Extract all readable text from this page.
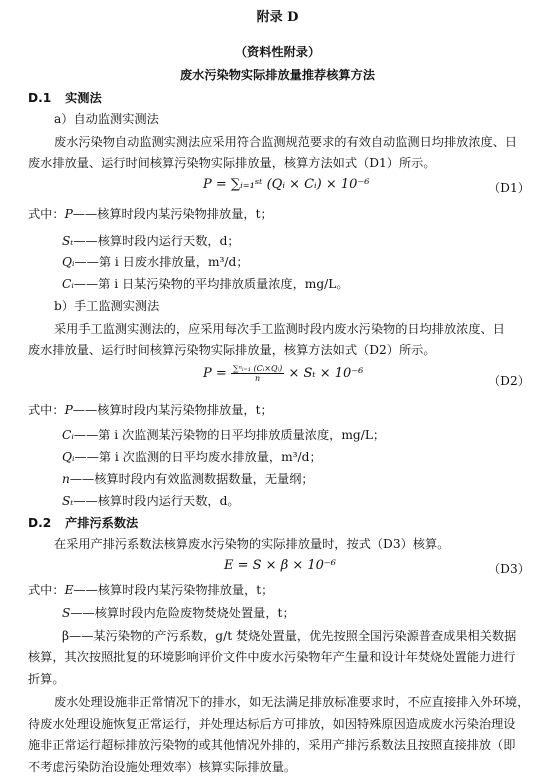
附录 D
（资料性附录）
废水污染物实际排放量推荐核算方法
D.1 实测法
a）自动监测实测法
废水污染物自动监测实测法应采用符合监测规范要求的有效自动监测日均排放浓度、日
废水排放量、运行时间核算污染物实际排放量，核算方法如式（D1）所示。
P = ∑ᵢ₌₁ˢᵗ (Qᵢ × Cᵢ) × 10⁻⁶	（D1）
式中：P——核算时段内某污染物排放量，t；
Sₜ——核算时段内运行天数，d；
Qᵢ——第 i 日废水排放量，m³/d；
Cᵢ——第 i 日某污染物的平均排放质量浓度，mg/L。
b）手工监测实测法
采用手工监测实测法的，应采用每次手工监测时段内废水污染物的日均排放浓度、日
废水排放量、运行时间核算污染物实际排放量，核算方法如式（D2）所示。
$P = \frac{\text{∑ⁿᵢ₌₁ (Cᵢ×Qᵢ)}}{n} \times S_t \times 10^{-6}$	（D2）
式中：P——核算时段内某污染物排放量，t；
Cᵢ——第 i 次监测某污染物的日平均排放质量浓度，mg/L；
Qᵢ——第 i 次监测的日平均废水排放量，m³/d；
n——核算时段内有效监测数据数量，无量纲；
Sₜ——核算时段内运行天数，d。
D.2 产排污系数法
在采用产排污系数法核算废水污染物的实际排放量时，按式（D3）核算。
E = S × β × 10⁻⁶	（D3）
式中：E——核算时段内某污染物排放量，t；
S——核算时段内危险废物焚烧处置量，t；
β——某污染物的产污系数，g/t 焚烧处置量，优先按照全国污染源普查成果相关数据
核算，其次按照批复的环境影响评价文件中废水污染物年产生量和设计年焚烧处置能力进行
折算。
废水处理设施非正常情况下的排水，如无法满足排放标准要求时，不应直接排入外环境，
待废水处理设施恢复正常运行，并处理达标后方可排放，如因特殊原因造成废水污染治理设
施非正常运行超标排放污染物的或其他情况外排的，采用产排污系数法且按照直接排放（即
不考虑污染防治设施处理效率）核算实际排放量。
